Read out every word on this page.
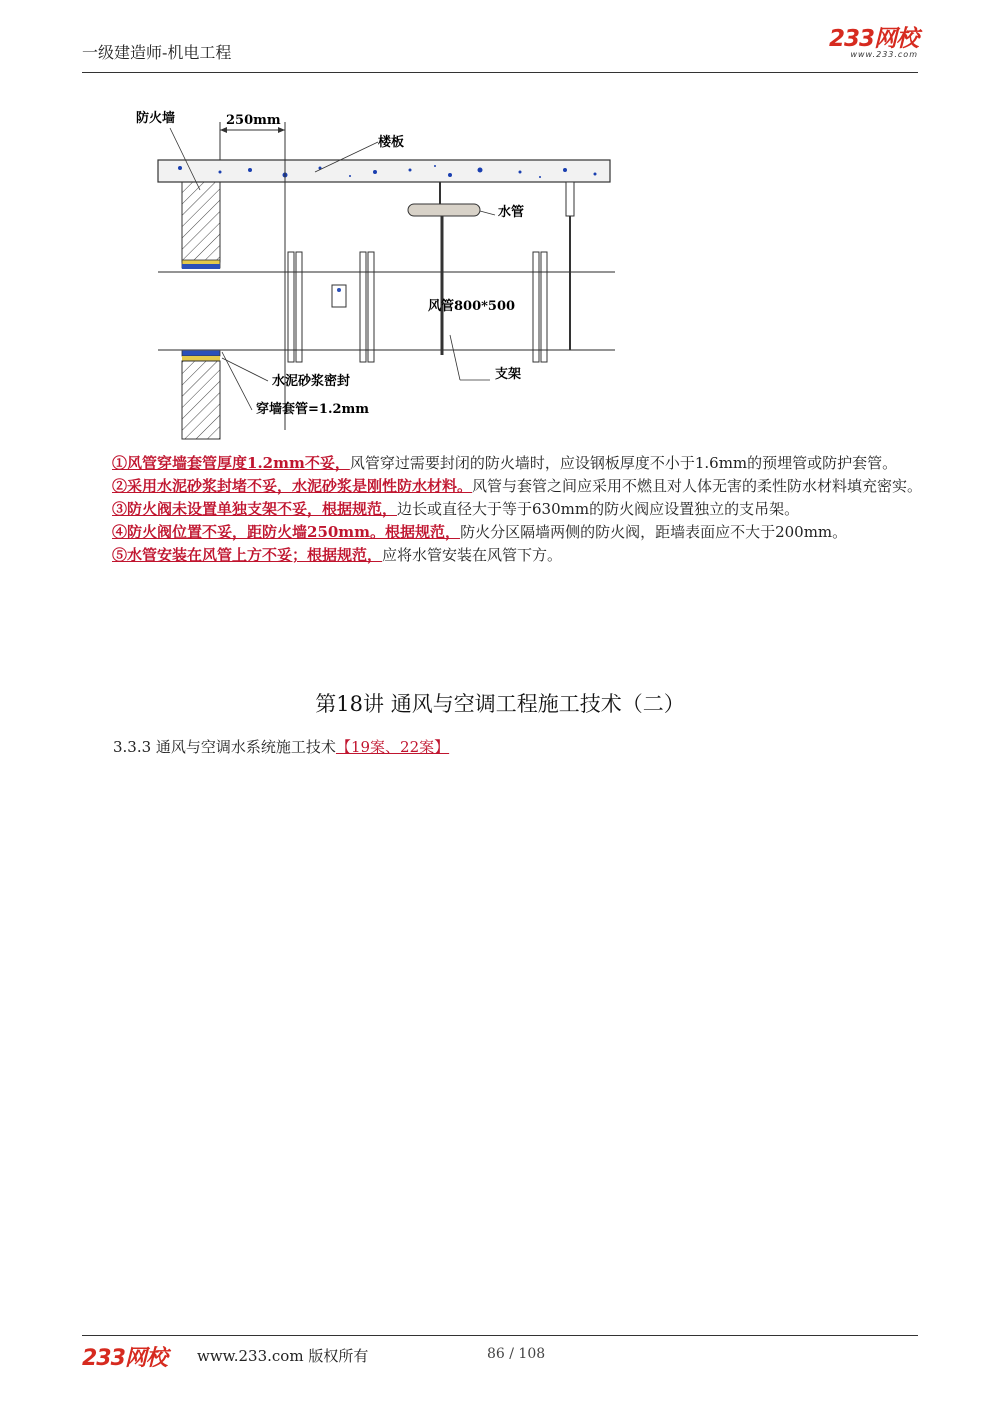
一级建造师-机电工程
233网校
www.233.com
250mm
防火墙
楼板
水管
风管800*500
支架
水泥砂浆密封
穿墙套管=1.2mm

①风管穿墙套管厚度1.2mm不妥，风管穿过需要封闭的防火墙时，应设钢板厚度不小于1.6mm的预埋管或防护套管。

②采用水泥砂浆封堵不妥，水泥砂浆是刚性防水材料。风管与套管之间应采用不燃且对人体无害的柔性防水材料填充密实。

③防火阀未设置单独支架不妥，根据规范，边长或直径大于等于630mm的防火阀应设置独立的支吊架。

④防火阀位置不妥，距防火墙250mm。根据规范，防火分区隔墙两侧的防火阀，距墙表面应不大于200mm。

⑤水管安装在风管上方不妥；根据规范，应将水管安装在风管下方。

第18讲 通风与空调工程施工技术（二）
3.3.3 通风与空调水系统施工技术【19案、22案】
233网校 www.233.com 版权所有	86 / 108
